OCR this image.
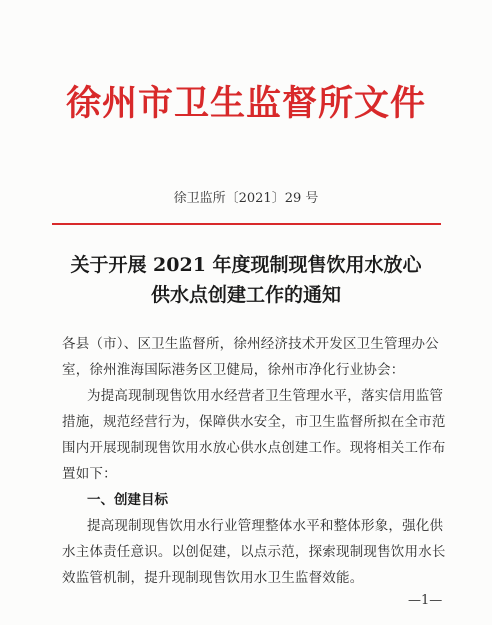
徐州市卫生监督所文件
徐卫监所〔2021〕29 号
关于开展 2021 年度现制现售饮用水放心
供水点创建工作的通知
各县（市）、区卫生监督所，徐州经济技术开发区卫生管理办公
室，徐州淮海国际港务区卫健局，徐州市净化行业协会：
为提高现制现售饮用水经营者卫生管理水平，落实信用监管
措施，规范经营行为，保障供水安全，市卫生监督所拟在全市范
围内开展现制现售饮用水放心供水点创建工作。现将相关工作布
置如下：
一、创建目标
提高现制现售饮用水行业管理整体水平和整体形象，强化供
水主体责任意识。以创促建，以点示范，探索现制现售饮用水长
效监管机制，提升现制现售饮用水卫生监督效能。
—1—
